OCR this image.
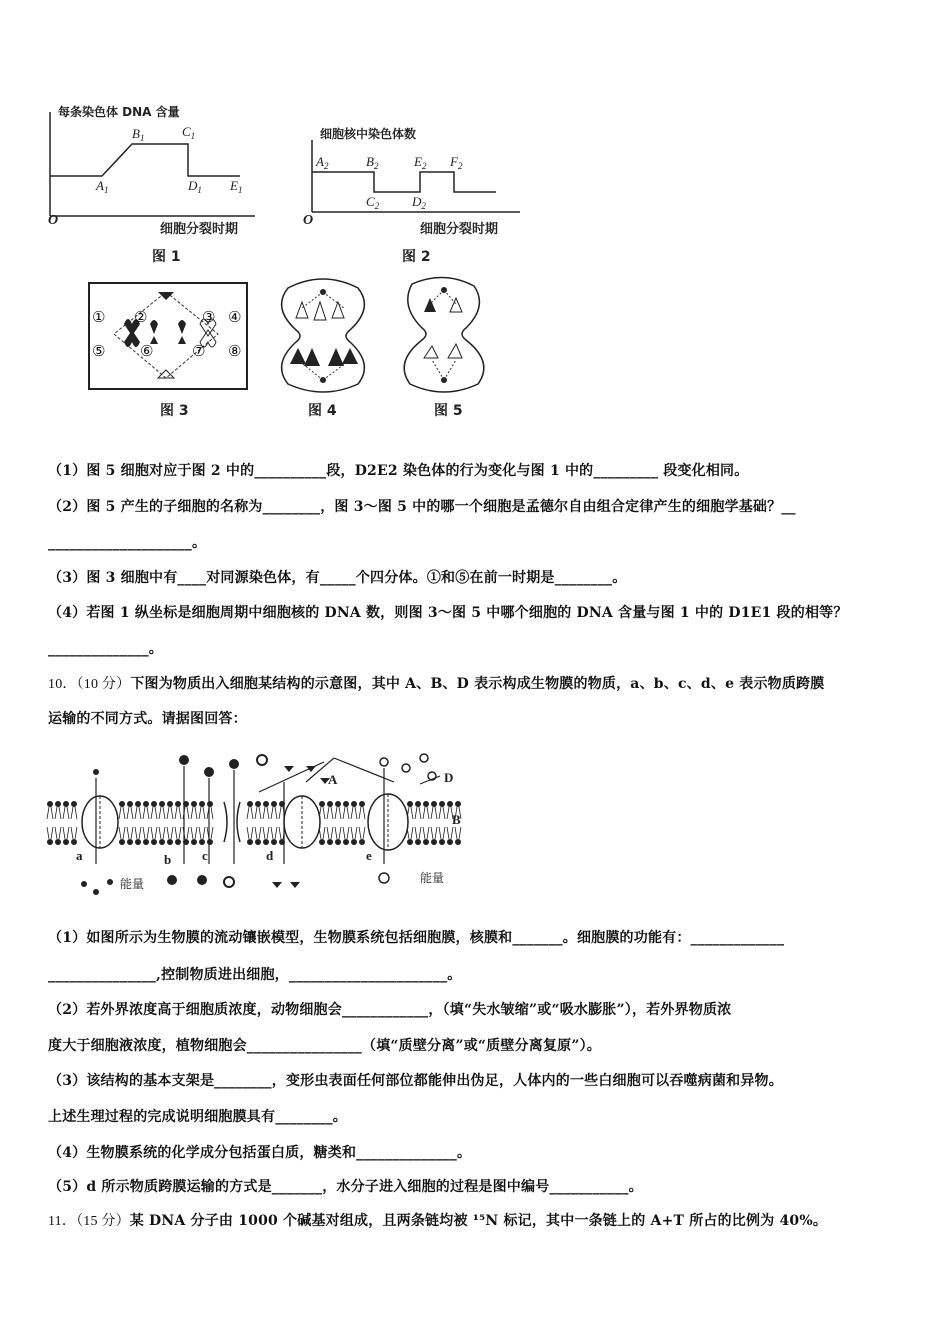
每条染色体 DNA 含量
$A_1$
$B_1$	$C_1$
$D_1$ $E_1$
O
细胞分裂时期
图 1
细胞核中染色体数
$A_2$	$B_2$	$E_2$ $F_2$
$C_2$	$D_2$
O
细胞分裂时期
图 2
① ②	③ ④
⑤ ⑥	⑦ ⑧
图 3	图 4	图 5
（1）图 5 细胞对应于图 2 中的__________段，D2E2 染色体的行为变化与图 1 中的_________ 段变化相同。
（2）图 5 产生的子细胞的名称为________，图 3～图 5 中的哪一个细胞是孟德尔自由组合定律产生的细胞学基础？__
____________________。
（3）图 3 细胞中有____对同源染色体，有_____个四分体。①和⑤在前一时期是________。
（4）若图 1 纵坐标是细胞周期中细胞核的 DNA 数，则图 3～图 5 中哪个细胞的 DNA 含量与图 1 中的 D1E1 段的相等？
______________。
10．（10 分）下图为物质出入细胞某结构的示意图，其中 A、B、D 表示构成生物膜的物质，a、b、c、d、e 表示物质跨膜
运输的不同方式。请据图回答：
A	D
B
a	b c	d	e
能量	能量
（1）如图所示为生物膜的流动镶嵌模型，生物膜系统包括细胞膜，核膜和_______。细胞膜的功能有：_____________
_______________,控制物质进出细胞，______________________。
（2）若外界浓度高于细胞质浓度，动物细胞会____________，（填“失水皱缩”或“吸水膨胀”），若外界物质浓
度大于细胞液浓度，植物细胞会________________（填“质壁分离”或“质壁分离复原”）。
（3）该结构的基本支架是________，变形虫表面任何部位都能伸出伪足，人体内的一些白细胞可以吞噬病菌和异物。
上述生理过程的完成说明细胞膜具有________。
（4）生物膜系统的化学成分包括蛋白质，糖类和______________。
（5）d 所示物质跨膜运输的方式是_______，水分子进入细胞的过程是图中编号___________。
11．（15 分）某 DNA 分子由 1000 个碱基对组成，且两条链均被 ¹⁵N 标记，其中一条链上的 A+T 所占的比例为 40%。
